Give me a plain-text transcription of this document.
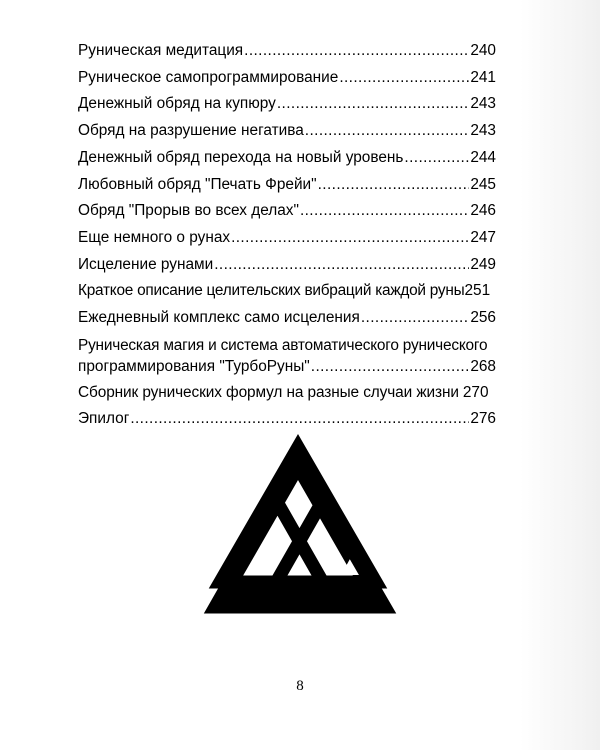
Руническая медитация .....	240
Руническое самопрограммирование .....	241
Денежный обряд на купюру .....	243
Обряд на разрушение негатива .....	243
Денежный обряд перехода на новый уровень .....	244
Любовный обряд "Печать Фрейи" .....	245
Обряд "Прорыв во всех делах" .....	246
Еще немного о рунах .....	247
Исцеление рунами .....	249
Краткое описание целительских вибраций каждой руны 251
Ежедневный комплекс само исцеления .....	256
Руническая магия и система автоматического рунического
программирования "ТурбоРуны" .....	268
Сборник рунических формул на разные случаи жизни 270
Эпилог .....	276
8
